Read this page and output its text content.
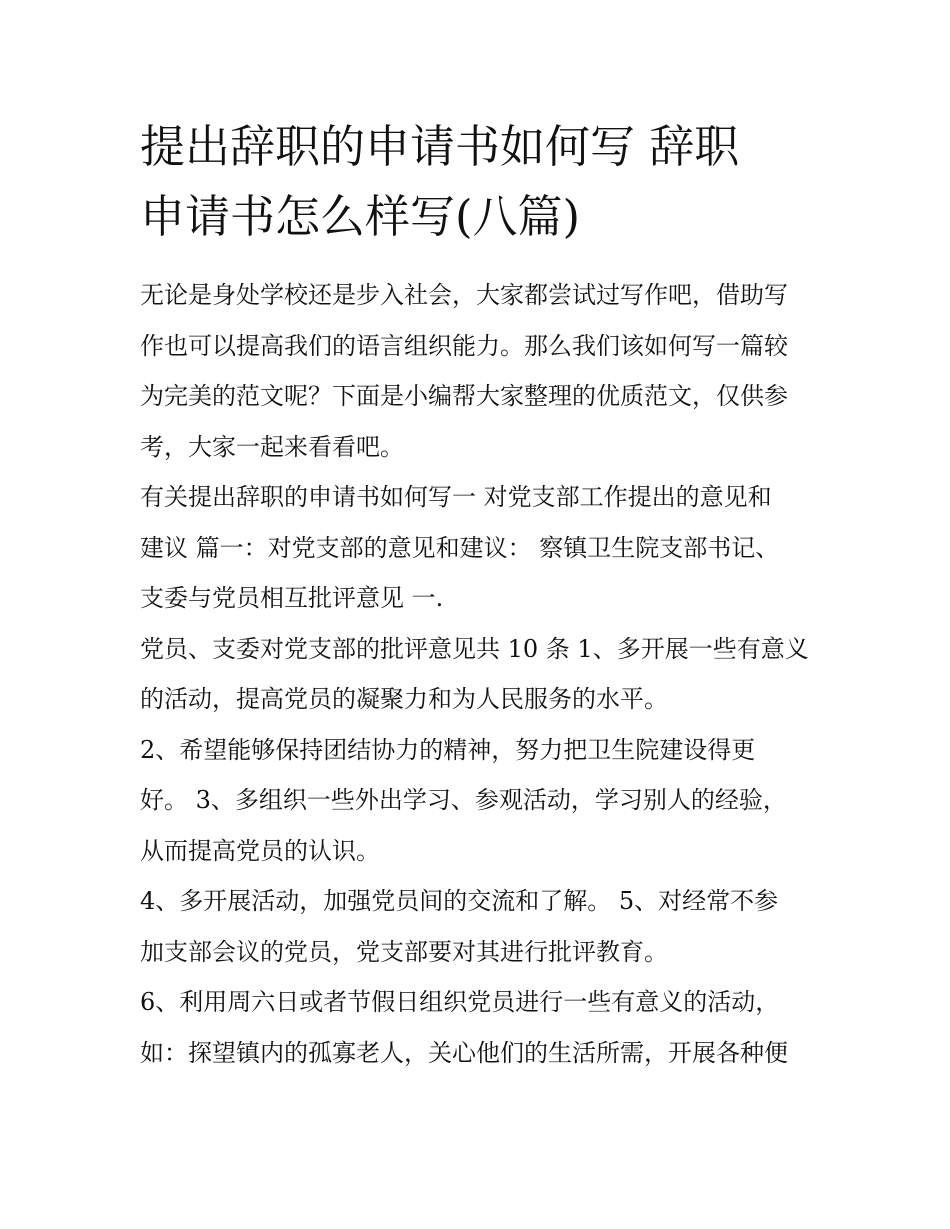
提出辞职的申请书如何写 辞职
申请书怎么样写(八篇)

无论是身处学校还是步入社会，大家都尝试过写作吧，借助写
作也可以提高我们的语言组织能力。那么我们该如何写一篇较
为完美的范文呢？下面是小编帮大家整理的优质范文，仅供参
考，大家一起来看看吧。

有关提出辞职的申请书如何写一 对党支部工作提出的意见和
建议 篇一：对党支部的意见和建议： 察镇卫生院支部书记、
支委与党员相互批评意见 一.

党员、支委对党支部的批评意见共 10 条 1、多开展一些有意义
的活动，提高党员的凝聚力和为人民服务的水平。

2、希望能够保持团结协力的精神，努力把卫生院建设得更
好。 3、多组织一些外出学习、参观活动，学习别人的经验，
从而提高党员的认识。

4、多开展活动，加强党员间的交流和了解。 5、对经常不参
加支部会议的党员，党支部要对其进行批评教育。

6、利用周六日或者节假日组织党员进行一些有意义的活动，
如：探望镇内的孤寡老人，关心他们的生活所需，开展各种便
